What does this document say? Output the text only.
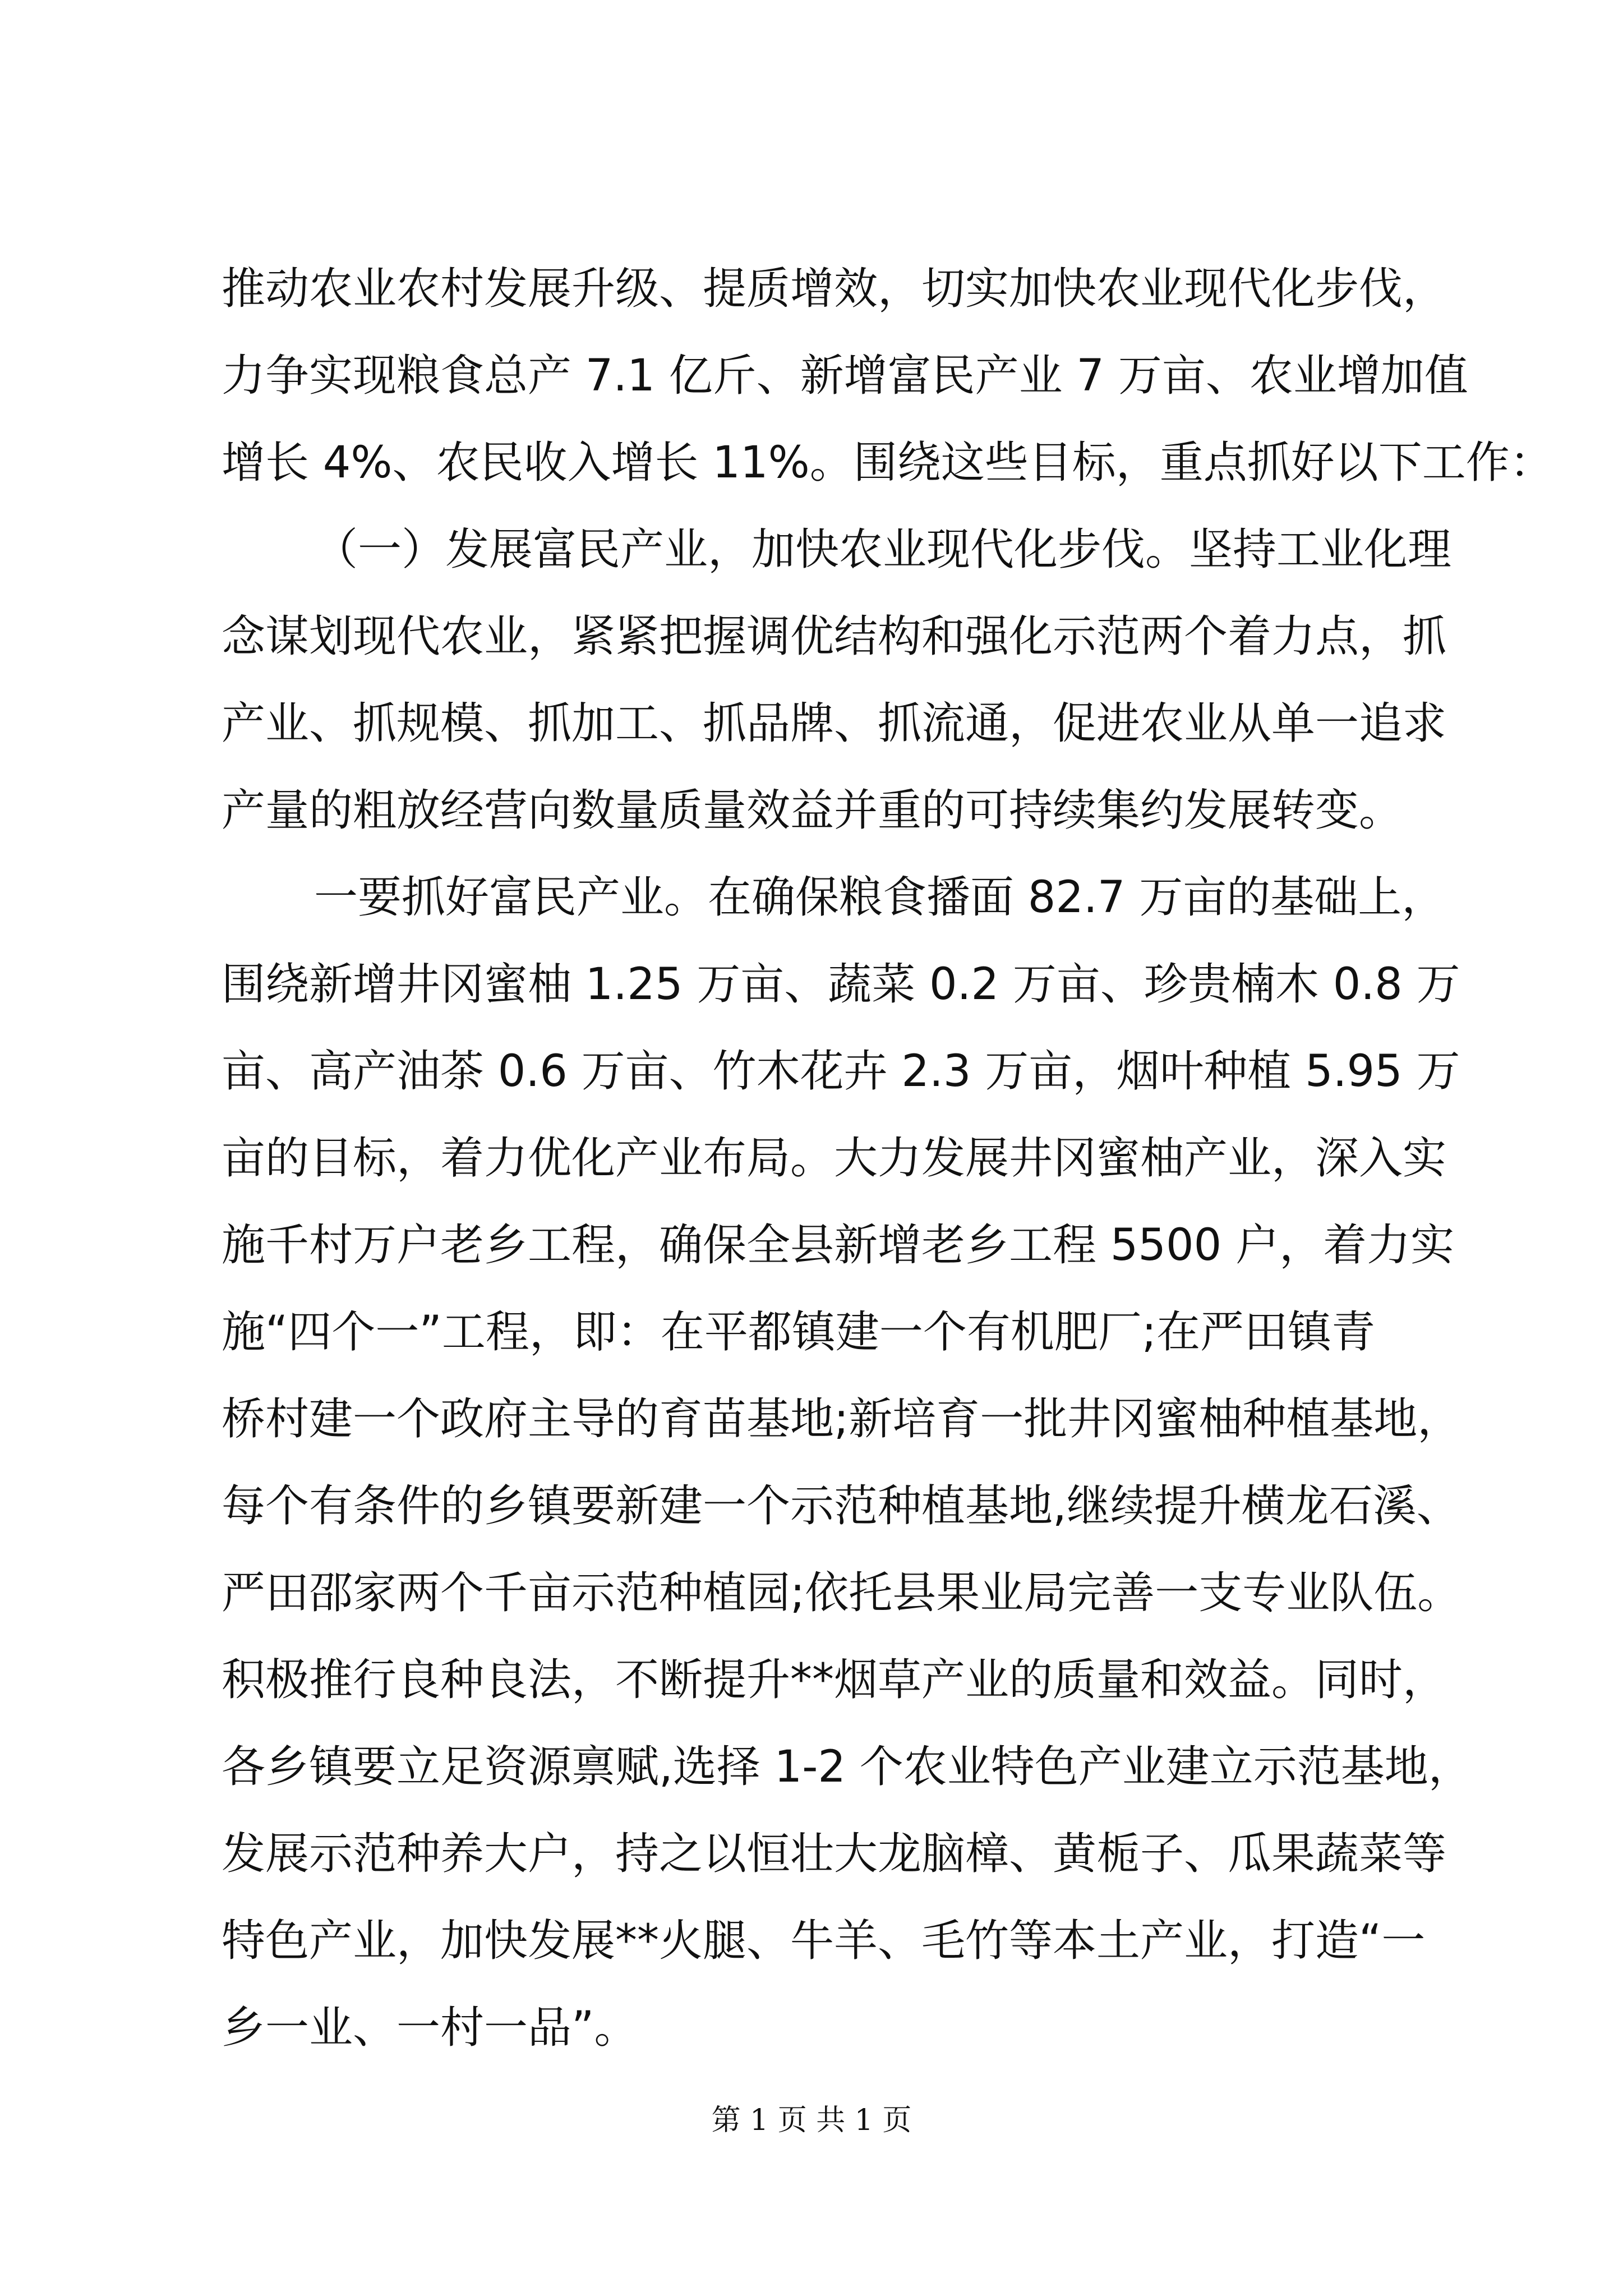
推动农业农村发展升级、提质增效，切实加快农业现代化步伐，
力争实现粮食总产 7.1 亿斤、新增富民产业 7 万亩、农业增加值
增长 4%、农民收入增长 11%。围绕这些目标，重点抓好以下工作：
（一）发展富民产业，加快农业现代化步伐。坚持工业化理
念谋划现代农业，紧紧把握调优结构和强化示范两个着力点，抓
产业、抓规模、抓加工、抓品牌、抓流通，促进农业从单一追求
产量的粗放经营向数量质量效益并重的可持续集约发展转变。
一要抓好富民产业。在确保粮食播面 82.7 万亩的基础上，
围绕新增井冈蜜柚 1.25 万亩、蔬菜 0.2 万亩、珍贵楠木 0.8 万
亩、高产油茶 0.6 万亩、竹木花卉 2.3 万亩，烟叶种植 5.95 万
亩的目标，着力优化产业布局。大力发展井冈蜜柚产业，深入实
施千村万户老乡工程，确保全县新增老乡工程 5500 户，着力实
施“四个一”工程，即：在平都镇建一个有机肥厂;在严田镇青
桥村建一个政府主导的育苗基地;新培育一批井冈蜜柚种植基地，
每个有条件的乡镇要新建一个示范种植基地,继续提升横龙石溪、
严田邵家两个千亩示范种植园;依托县果业局完善一支专业队伍。
积极推行良种良法，不断提升**烟草产业的质量和效益。同时，
各乡镇要立足资源禀赋,选择 1-2 个农业特色产业建立示范基地，
发展示范种养大户，持之以恒壮大龙脑樟、黄栀子、瓜果蔬菜等
特色产业，加快发展**火腿、牛羊、毛竹等本土产业，打造“一
乡一业、一村一品”。
第 1 页 共 1 页
